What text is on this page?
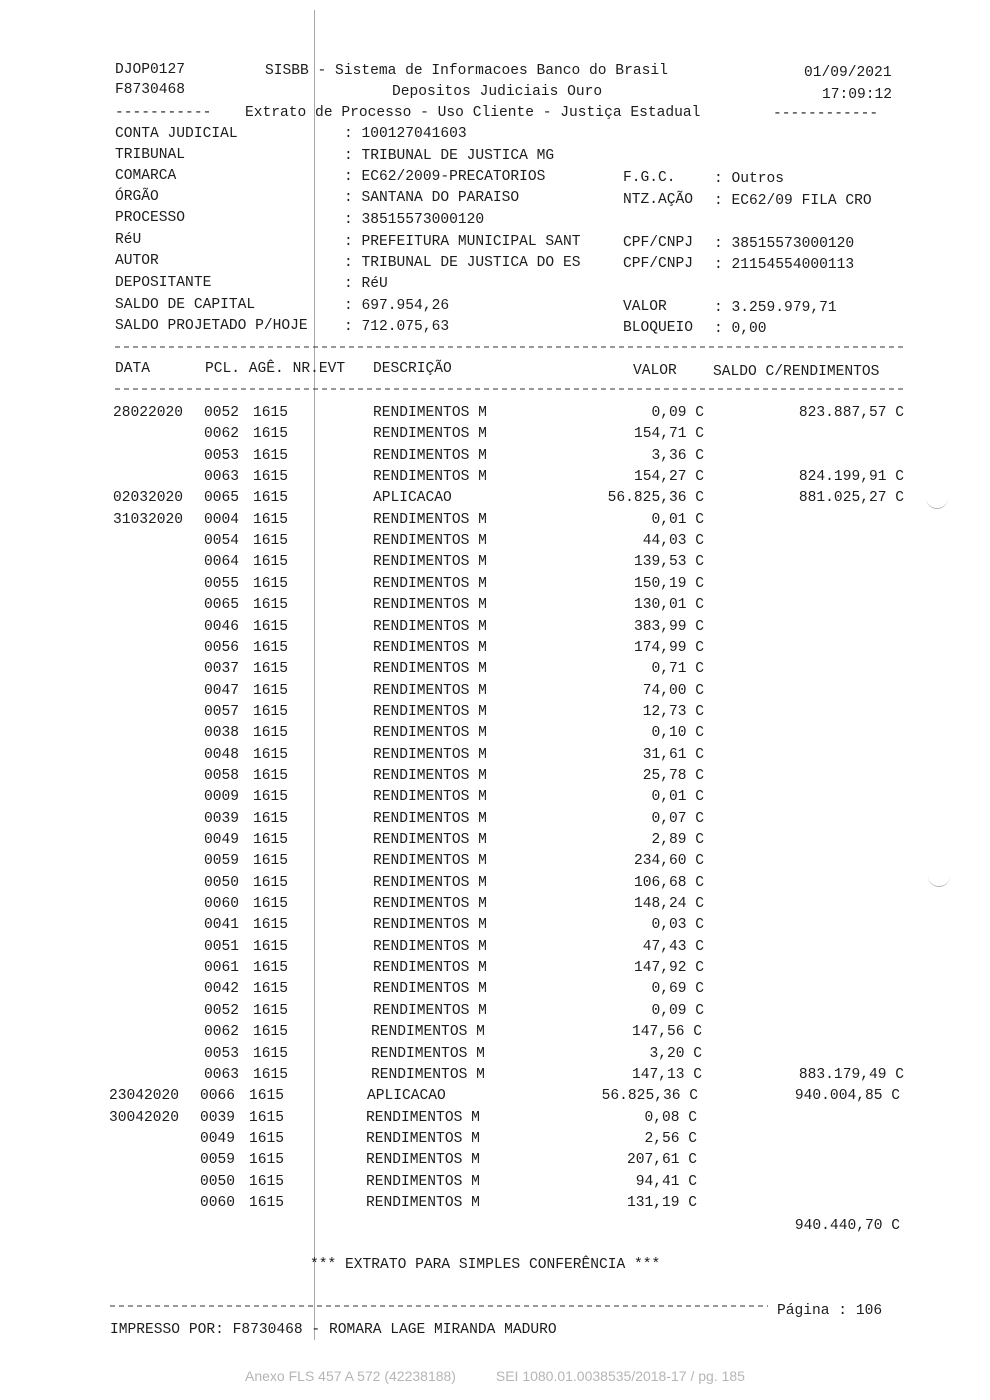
DJOP0127	SISBB - Sistema de Informacoes Banco do Brasil	01/09/2021
F8730468	Depositos Judiciais Ouro	17:09:12
----------- Extrato de Processo - Uso Cliente - Justiça Estadual	------------
CONTA JUDICIAL	: 100127041603
TRIBUNAL	: TRIBUNAL DE JUSTICA MG
COMARCA	: EC62/2009-PRECATORIOS	F.G.C.	: Outros
ÓRGÃO	: SANTANA DO PARAISO	NTZ.AÇÃO : EC62/09 FILA CRO
PROCESSO	: 38515573000120
RéU	: PREFEITURA MUNICIPAL SANT	CPF/CNPJ : 38515573000120
AUTOR	: TRIBUNAL DE JUSTICA DO ES	CPF/CNPJ : 21154554000113
DEPOSITANTE	: RéU
SALDO DE CAPITAL	: 697.954,26	VALOR	: 3.259.979,71
SALDO PROJETADO P/HOJE : 712.075,63	BLOQUEIO : 0,00
DATA	PCL. AGÊ. NR.EVT DESCRIÇÃO	VALOR SALDO C/RENDIMENTOS
28022020 0052 1615	RENDIMENTOS M	0,09 C	823.887,57 C
0062 1615	RENDIMENTOS M	154,71 C
0053 1615	RENDIMENTOS M	3,36 C
0063 1615	RENDIMENTOS M	154,27 C	824.199,91 C
02032020 0065 1615	APLICACAO	56.825,36 C	881.025,27 C
31032020 0004 1615	RENDIMENTOS M	0,01 C
0054 1615	RENDIMENTOS M	44,03 C
0064 1615	RENDIMENTOS M	139,53 C
0055 1615	RENDIMENTOS M	150,19 C
0065 1615	RENDIMENTOS M	130,01 C
0046 1615	RENDIMENTOS M	383,99 C
0056 1615	RENDIMENTOS M	174,99 C
0037 1615	RENDIMENTOS M	0,71 C
0047 1615	RENDIMENTOS M	74,00 C
0057 1615	RENDIMENTOS M	12,73 C
0038 1615	RENDIMENTOS M	0,10 C
0048 1615	RENDIMENTOS M	31,61 C
0058 1615	RENDIMENTOS M	25,78 C
0009 1615	RENDIMENTOS M	0,01 C
0039 1615	RENDIMENTOS M	0,07 C
0049 1615	RENDIMENTOS M	2,89 C
0059 1615	RENDIMENTOS M	234,60 C
0050 1615	RENDIMENTOS M	106,68 C
0060 1615	RENDIMENTOS M	148,24 C
0041 1615	RENDIMENTOS M	0,03 C
0051 1615	RENDIMENTOS M	47,43 C
0061 1615	RENDIMENTOS M	147,92 C
0042 1615	RENDIMENTOS M	0,69 C
0052 1615	RENDIMENTOS M	0,09 C
0062 1615	RENDIMENTOS M	147,56 C
0053 1615	RENDIMENTOS M	3,20 C
0063 1615	RENDIMENTOS M	147,13 C	883.179,49 C
23042020 0066 1615	APLICACAO	56.825,36 C	940.004,85 C
30042020 0039 1615	RENDIMENTOS M	0,08 C
0049 1615	RENDIMENTOS M	2,56 C
0059 1615	RENDIMENTOS M	207,61 C
0050 1615	RENDIMENTOS M	94,41 C
0060 1615	RENDIMENTOS M	131,19 C
940.440,70 C
*** EXTRATO PARA SIMPLES CONFERÊNCIA ***
Página : 106
IMPRESSO POR: F8730468 - ROMARA LAGE MIRANDA MADURO
Anexo FLS 457 A 572 (42238188)	SEI 1080.01.0038535/2018-17 / pg. 185
